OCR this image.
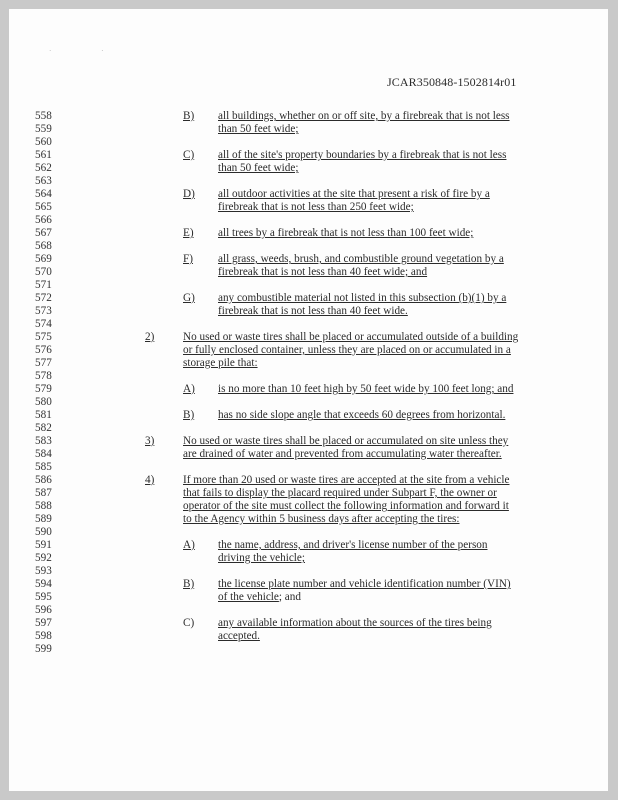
· ·
JCAR350848-1502814r01
558	B) all buildings, whether on or off site, by a firebreak that is not less
559	than 50 feet wide;
560
561	C) all of the site's property boundaries by a firebreak that is not less
562	than 50 feet wide;
563
564	D) all outdoor activities at the site that present a risk of fire by a
565	firebreak that is not less than 250 feet wide;
566
567	E) all trees by a firebreak that is not less than 100 feet wide;
568
569	F) all grass, weeds, brush, and combustible ground vegetation by a
570	firebreak that is not less than 40 feet wide; and
571
572	G) any combustible material not listed in this subsection (b)(1) by a
573	firebreak that is not less than 40 feet wide.
574
575	2)	No used or waste tires shall be placed or accumulated outside of a building
576	or fully enclosed container, unless they are placed on or accumulated in a
577	storage pile that:
578
579	A) is no more than 10 feet high by 50 feet wide by 100 feet long; and
580
581	B) has no side slope angle that exceeds 60 degrees from horizontal.
582
583	3)	No used or waste tires shall be placed or accumulated on site unless they
584	are drained of water and prevented from accumulating water thereafter.
585
586	4)	If more than 20 used or waste tires are accepted at the site from a vehicle
587	that fails to display the placard required under Subpart F, the owner or
588	operator of the site must collect the following information and forward it
589	to the Agency within 5 business days after accepting the tires:
590
591	A) the name, address, and driver's license number of the person
592	driving the vehicle;
593
594	B) the license plate number and vehicle identification number (VIN)
595	of the vehicle; and
596
597	C) any available information about the sources of the tires being
598	accepted.
599
